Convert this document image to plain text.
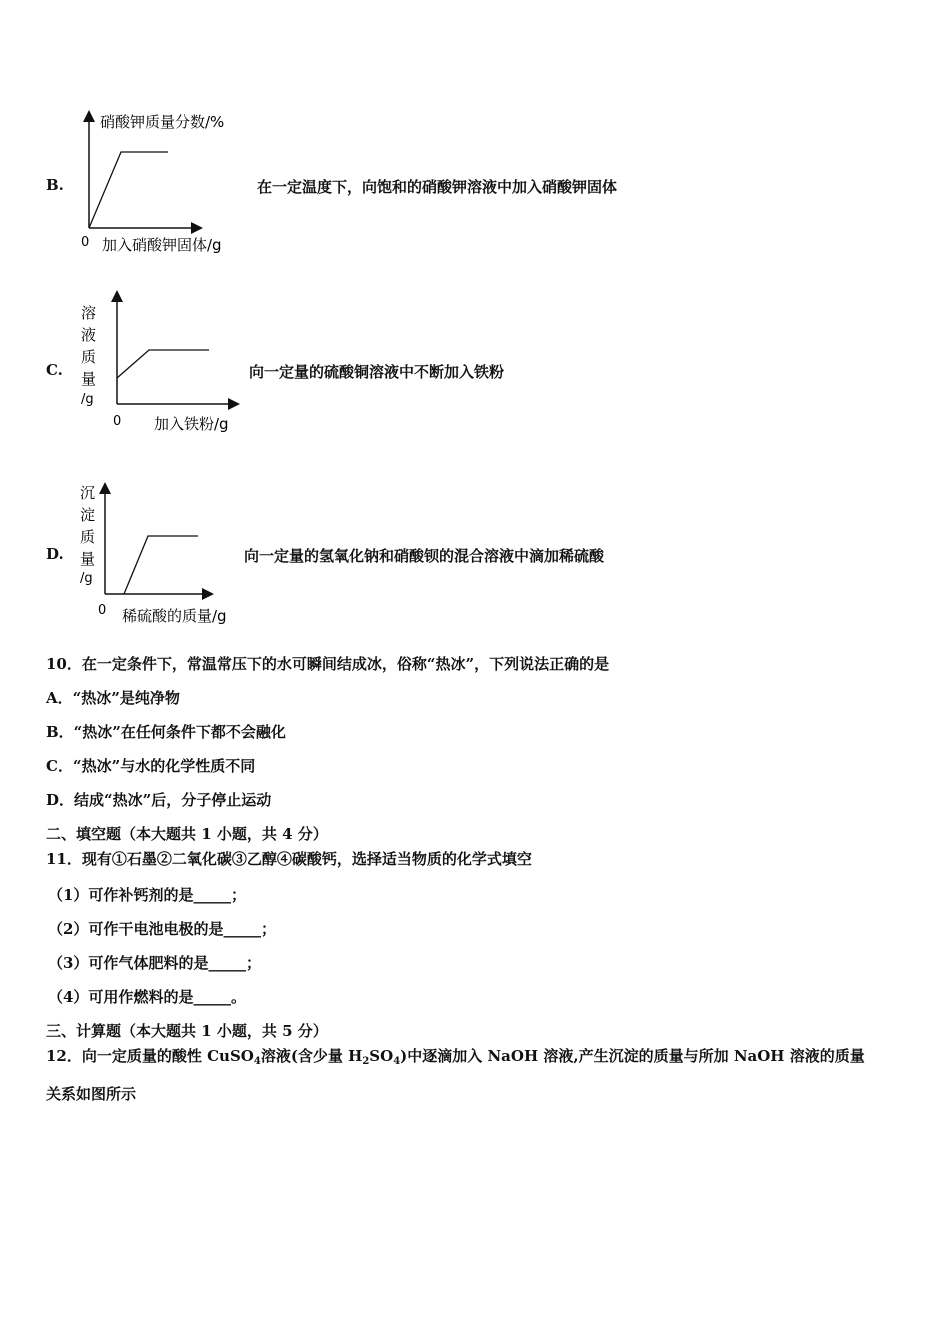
B.
硝酸钾质量分数/%
0 加入硝酸钾固体/g
在一定温度下，向饱和的硝酸钾溶液中加入硝酸钾固体
C.
溶
液
质
量
/g
0 加入铁粉/g
向一定量的硫酸铜溶液中不断加入铁粉
D.
沉
淀
质
量
/g
0 稀硫酸的质量/g
向一定量的氢氧化钠和硝酸钡的混合溶液中滴加稀硫酸
10．在一定条件下，常温常压下的水可瞬间结成冰，俗称“热冰”，下列说法正确的是
A．“热冰”是纯净物
B．“热冰”在任何条件下都不会融化
C．“热冰”与水的化学性质不同
D．结成“热冰”后，分子停止运动
二、填空题（本大题共 1 小题，共 4 分）
11．现有①石墨②二氧化碳③乙醇④碳酸钙，选择适当物质的化学式填空
（1）可作补钙剂的是_____；
（2）可作干电池电极的是_____；
（3）可作气体肥料的是_____；
（4）可用作燃料的是_____。
三、计算题（本大题共 1 小题，共 5 分）
12．向一定质量的酸性 CuSO$_4$溶液(含少量 $H_2SO_4$)中逐滴加入 NaOH 溶液,产生沉淀的质量与所加 NaOH 溶液的质量
关系如图所示
